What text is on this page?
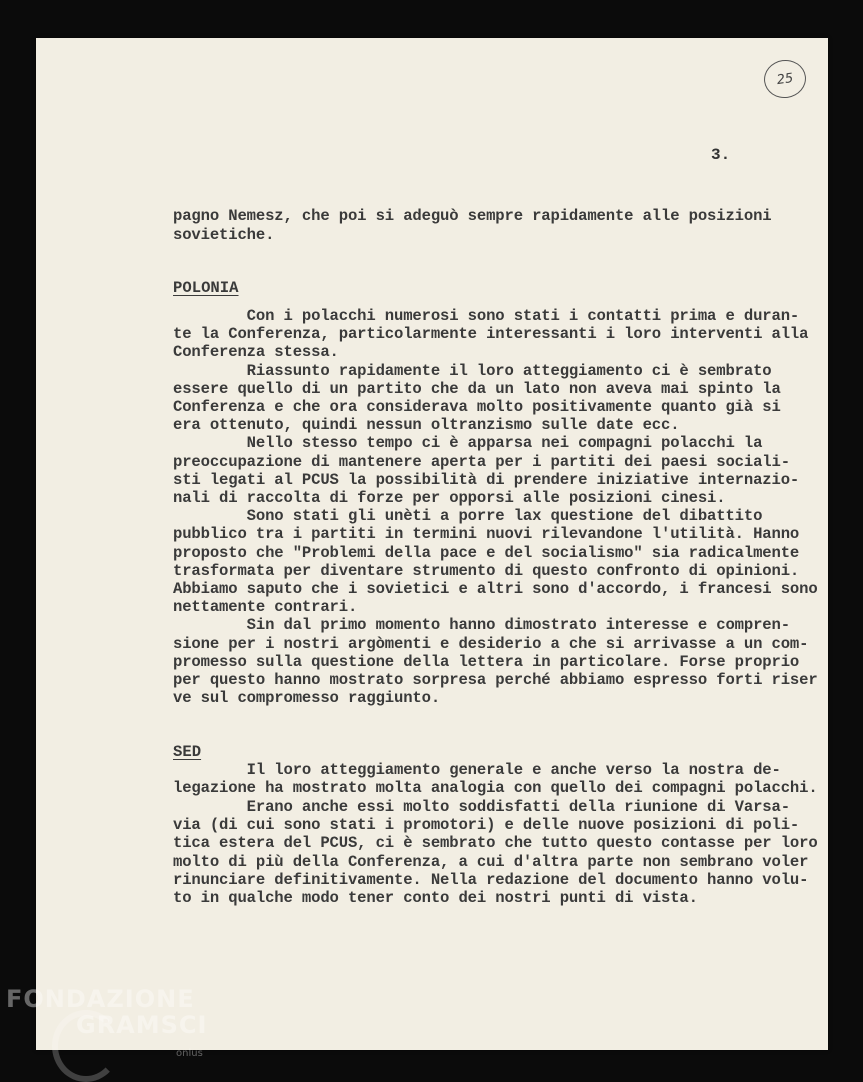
25
3.
pagno Nemesz, che poi si adeguò sempre rapidamente alle posizioni
sovietiche.
POLONIA
Con i polacchi numerosi sono stati i contatti prima e duran-
te la Conferenza, particolarmente interessanti i loro interventi alla
Conferenza stessa.
Riassunto rapidamente il loro atteggiamento ci è sembrato
essere quello di un partito che da un lato non aveva mai spinto la
Conferenza e che ora considerava molto positivamente quanto già si
era ottenuto, quindi nessun oltranzismo sulle date ecc.
Nello stesso tempo ci è apparsa nei compagni polacchi la
preoccupazione di mantenere aperta per i partiti dei paesi sociali-
sti legati al PCUS la possibilità di prendere iniziative internazio-
nali di raccolta di forze per opporsi alle posizioni cinesi.
Sono stati gli unèti a porre lax questione del dibattito
pubblico tra i partiti in termini nuovi rilevandone l'utilità. Hanno
proposto che "Problemi della pace e del socialismo" sia radicalmente
trasformata per diventare strumento di questo confronto di opinioni.
Abbiamo saputo che i sovietici e altri sono d'accordo, i francesi sono
nettamente contrari.
Sin dal primo momento hanno dimostrato interesse e compren-
sione per i nostri argòmenti e desiderio a che si arrivasse a un com-
promesso sulla questione della lettera in particolare. Forse proprio
per questo hanno mostrato sorpresa perché abbiamo espresso forti riser
ve sul compromesso raggiunto.
SED
Il loro atteggiamento generale e anche verso la nostra de-
legazione ha mostrato molta analogia con quello dei compagni polacchi.
Erano anche essi molto soddisfatti della riunione di Varsa-
via (di cui sono stati i promotori) e delle nuove posizioni di poli-
tica estera del PCUS, ci è sembrato che tutto questo contasse per loro
molto di più della Conferenza, a cui d'altra parte non sembrano voler
rinunciare definitivamente. Nella redazione del documento hanno volu-
to in qualche modo tener conto dei nostri punti di vista.
FONDAZIONE
GRAMSCI
onlus
